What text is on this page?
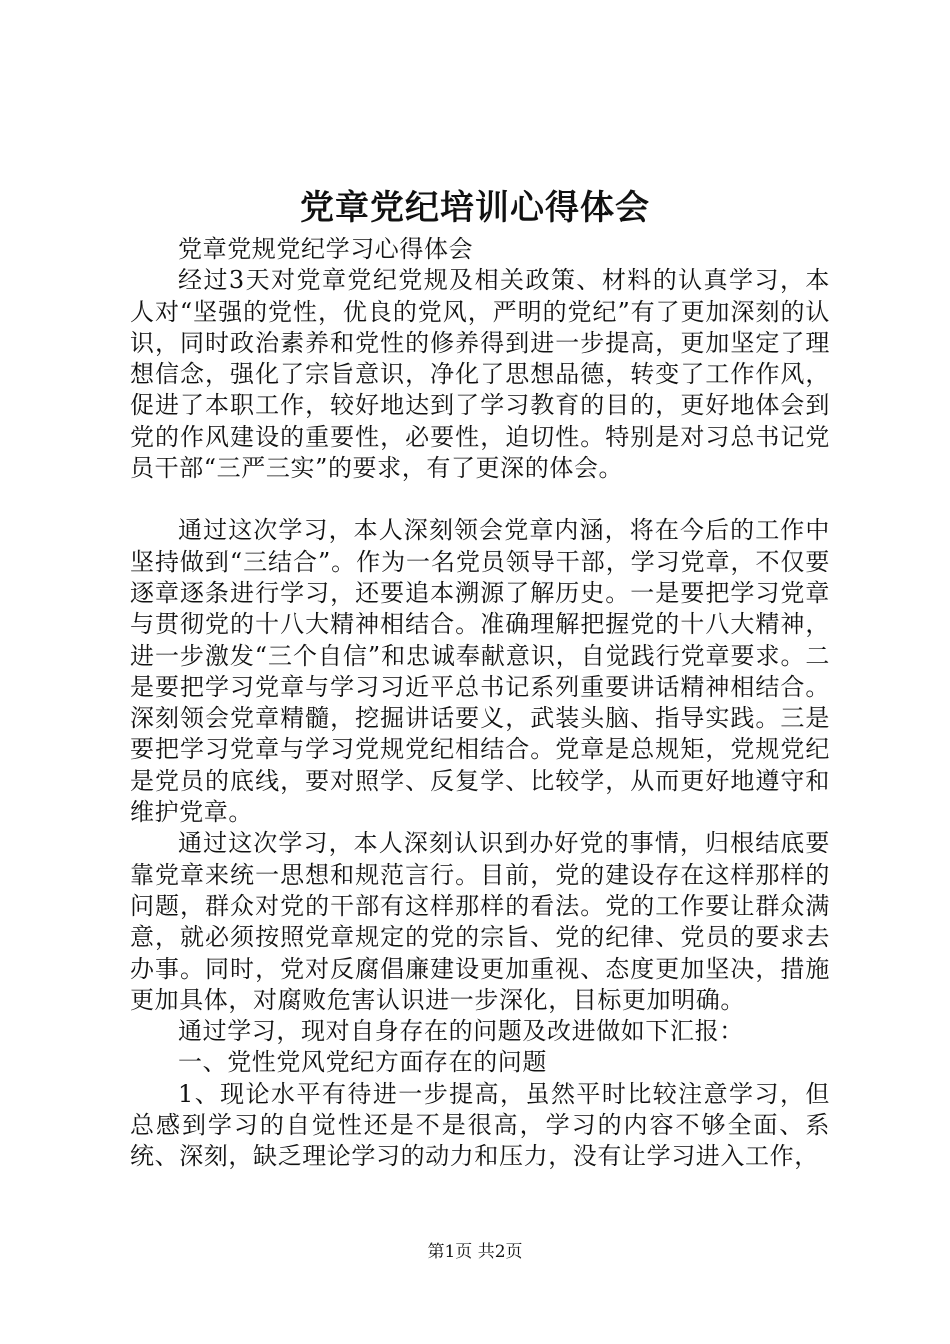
党章党纪培训心得体会

党章党规党纪学习心得体会

经过3天对党章党纪党规及相关政策、材料的认真学习，本人对“坚强的党性，优良的党风，严明的党纪”有了更加深刻的认识，同时政治素养和党性的修养得到进一步提高，更加坚定了理想信念，强化了宗旨意识，净化了思想品德，转变了工作作风，促进了本职工作，较好地达到了学习教育的目的，更好地体会到党的作风建设的重要性，必要性，迫切性。特别是对习总书记党员干部“三严三实”的要求，有了更深的体会。

通过这次学习，本人深刻领会党章内涵，将在今后的工作中坚持做到“三结合”。作为一名党员领导干部，学习党章，不仅要逐章逐条进行学习，还要追本溯源了解历史。一是要把学习党章与贯彻党的十八大精神相结合。准确理解把握党的十八大精神，进一步激发“三个自信”和忠诚奉献意识，自觉践行党章要求。二是要把学习党章与学习习近平总书记系列重要讲话精神相结合。深刻领会党章精髓，挖掘讲话要义，武装头脑、指导实践。三是要把学习党章与学习党规党纪相结合。党章是总规矩，党规党纪是党员的底线，要对照学、反复学、比较学，从而更好地遵守和维护党章。

通过这次学习，本人深刻认识到办好党的事情，归根结底要靠党章来统一思想和规范言行。目前，党的建设存在这样那样的问题，群众对党的干部有这样那样的看法。党的工作要让群众满意，就必须按照党章规定的党的宗旨、党的纪律、党员的要求去办事。同时，党对反腐倡廉建设更加重视、态度更加坚决，措施更加具体，对腐败危害认识进一步深化，目标更加明确。

通过学习，现对自身存在的问题及改进做如下汇报：

一、党性党风党纪方面存在的问题

1、现论水平有待进一步提高，虽然平时比较注意学习，但总感到学习的自觉性还是不是很高，学习的内容不够全面、系统、深刻，缺乏理论学习的动力和压力，没有让学习进入工作，

第1页 共2页
